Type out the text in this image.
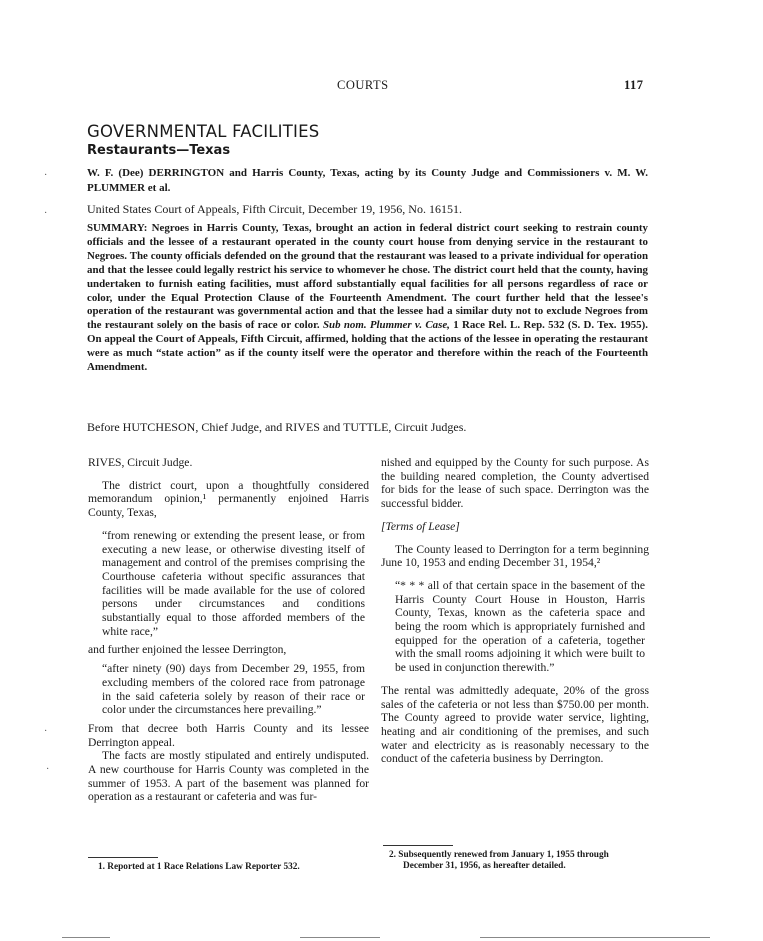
COURTS	117
GOVERNMENTAL FACILITIES
Restaurants—Texas
W. F. (Dee) DERRINGTON and Harris County, Texas, acting by its County Judge and Commissioners v. M. W. PLUMMER et al.
United States Court of Appeals, Fifth Circuit, December 19, 1956, No. 16151.
SUMMARY: Negroes in Harris County, Texas, brought an action in federal district court seeking to restrain county officials and the lessee of a restaurant operated in the county court house from denying service in the restaurant to Negroes. The county officials defended on the ground that the restaurant was leased to a private individual for operation and that the lessee could legally restrict his service to whomever he chose. The district court held that the county, having undertaken to furnish eating facilities, must afford substantially equal facilities for all persons regardless of race or color, under the Equal Protection Clause of the Fourteenth Amendment. The court further held that the lessee's operation of the restaurant was governmental action and that the lessee had a similar duty not to exclude Negroes from the restaurant solely on the basis of race or color. Sub nom. Plummer v. Case, 1 Race Rel. L. Rep. 532 (S. D. Tex. 1955). On appeal the Court of Appeals, Fifth Circuit, affirmed, holding that the actions of the lessee in operating the restaurant were as much “state action” as if the county itself were the operator and therefore within the reach of the Fourteenth Amendment.
Before HUTCHESON, Chief Judge, and RIVES and TUTTLE, Circuit Judges.

RIVES, Circuit Judge.

The district court, upon a thoughtfully considered memorandum opinion,¹ permanently enjoined Harris County, Texas,

“from renewing or extending the present lease, or from executing a new lease, or otherwise divesting itself of management and control of the premises comprising the Courthouse cafeteria without specific assurances that facilities will be made available for the use of colored persons under circumstances and conditions substantially equal to those afforded members of the white race,”

and further enjoined the lessee Derrington,

“after ninety (90) days from December 29, 1955, from excluding members of the colored race from patronage in the said cafeteria solely by reason of their race or color under the circumstances here prevailing.”

From that decree both Harris County and its lessee Derrington appeal.

The facts are mostly stipulated and entirely undisputed. A new courthouse for Harris County was completed in the summer of 1953. A part of the basement was planned for operation as a restaurant or cafeteria and was fur-

nished and equipped by the County for such purpose. As the building neared completion, the County advertised for bids for the lease of such space. Derrington was the successful bidder.

[Terms of Lease]

The County leased to Derrington for a term beginning June 10, 1953 and ending December 31, 1954,²

“* * * all of that certain space in the basement of the Harris County Court House in Houston, Harris County, Texas, known as the cafeteria space and being the room which is appropriately furnished and equipped for the operation of a cafeteria, together with the small rooms adjoining it which were built to be used in conjunction therewith.”

The rental was admittedly adequate, 20% of the gross sales of the cafeteria or not less than $750.00 per month. The County agreed to provide water service, lighting, heating and air conditioning of the premises, and such water and electricity as is reasonably necessary to the conduct of the cafeteria business by Derrington.

1. Reported at 1 Race Relations Law Reporter 532.
2. Subsequently renewed from January 1, 1955 through
December 31, 1956, as hereafter detailed.
·
·
·
·
